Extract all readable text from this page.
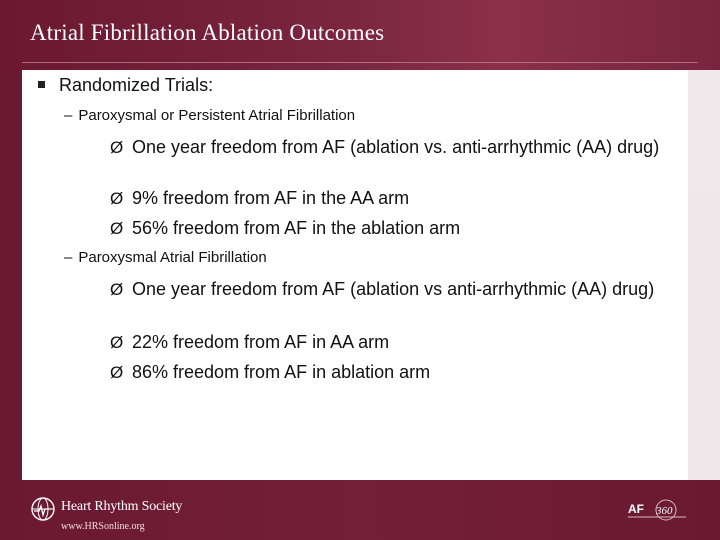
Atrial Fibrillation Ablation Outcomes
Randomized Trials:
– Paroxysmal or Persistent Atrial Fibrillation
Ø One year freedom from AF (ablation vs. anti-arrhythmic (AA) drug)
Ø 9% freedom from AF in the AA arm
Ø 56% freedom from AF in the ablation arm
– Paroxysmal Atrial Fibrillation
Ø One year freedom from AF (ablation vs anti-arrhythmic (AA) drug)
Ø 22% freedom from AF in AA arm
Ø 86% freedom from AF in ablation arm
Heart Rhythm Society
www.HRSonline.org
AF 360
